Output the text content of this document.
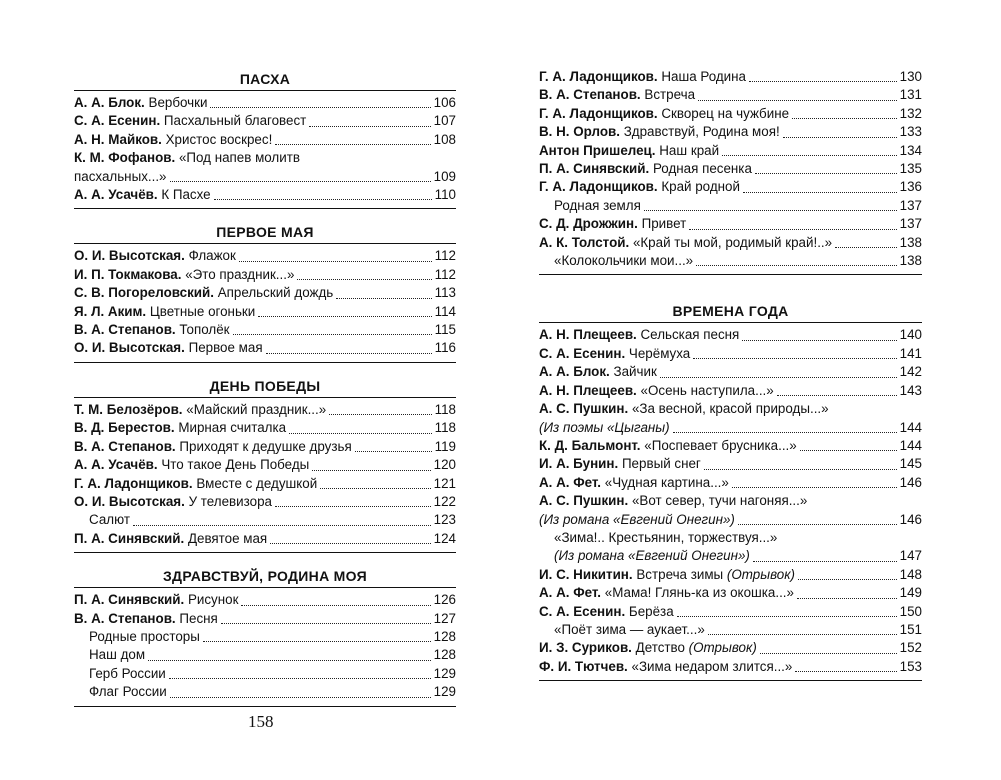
ПАСХА
А. А. Блок. Вербочки	106
С. А. Есенин. Пасхальный благовест	107
А. Н. Майков. Христос воскрес!	108
К. М. Фофанов. «Под напев молитв
пасхальных...»	109
А. А. Усачёв. К Пасхе	110
ПЕРВОЕ МАЯ
О. И. Высотская. Флажок	112
И. П. Токмакова. «Это праздник...»	112
С. В. Погореловский. Апрельский дождь	113
Я. Л. Аким. Цветные огоньки	114
В. А. Степанов. Тополёк	115
О. И. Высотская. Первое мая	116
ДЕНЬ ПОБЕДЫ
Т. М. Белозёров. «Майский праздник...»	118
В. Д. Берестов. Мирная считалка	118
В. А. Степанов. Приходят к дедушке друзья	119
А. А. Усачёв. Что такое День Победы	120
Г. А. Ладонщиков. Вместе с дедушкой	121
О. И. Высотская. У телевизора	122
Салют	123
П. А. Синявский. Девятое мая	124
ЗДРАВСТВУЙ, РОДИНА МОЯ
П. А. Синявский. Рисунок	126
В. А. Степанов. Песня	127
Родные просторы	128
Наш дом	128
Герб России	129
Флаг России	129
Г. А. Ладонщиков. Наша Родина	130
В. А. Степанов. Встреча	131
Г. А. Ладонщиков. Скворец на чужбине	132
В. Н. Орлов. Здравствуй, Родина моя!	133
Антон Пришелец. Наш край	134
П. А. Синявский. Родная песенка	135
Г. А. Ладонщиков. Край родной	136
Родная земля	137
С. Д. Дрожжин. Привет	137
А. К. Толстой. «Край ты мой, родимый край!..»	138
«Колокольчики мои...»	138
ВРЕМЕНА ГОДА
А. Н. Плещеев. Сельская песня	140
С. А. Есенин. Черёмуха	141
А. А. Блок. Зайчик	142
А. Н. Плещеев. «Осень наступила...»	143
А. С. Пушкин. «За весной, красой природы...»
(Из поэмы «Цыганы)	144
К. Д. Бальмонт. «Поспевает брусника...»	144
И. А. Бунин. Первый снег	145
А. А. Фет. «Чудная картина...»	146
А. С. Пушкин. «Вот север, тучи нагоняя...»
(Из романа «Евгений Онегин»)	146
«Зима!.. Крестьянин, торжествуя...»
(Из романа «Евгений Онегин»)	147
И. С. Никитин. Встреча зимы (Отрывок)	148
А. А. Фет. «Мама! Глянь-ка из окошка...»	149
С. А. Есенин. Берёза	150
«Поёт зима — аукает...»	151
И. З. Суриков. Детство (Отрывок)	152
Ф. И. Тютчев. «Зима недаром злится...»	153
158
